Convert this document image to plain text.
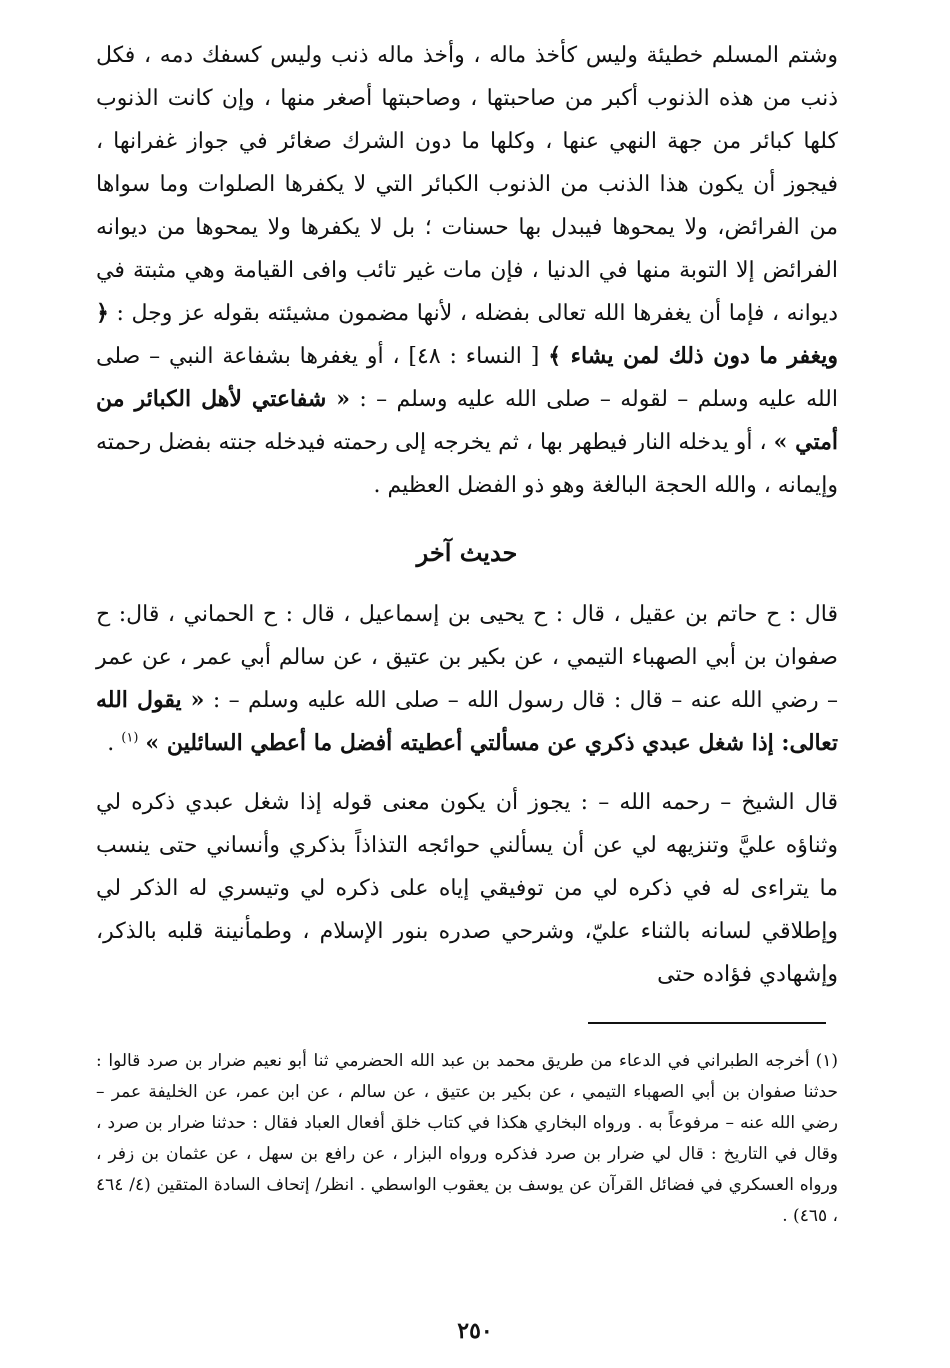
وشتم المسلم خطيئة وليس كأخذ ماله ، وأخذ ماله ذنب وليس كسفك دمه ، فكل ذنب من هذه الذنوب أكبر من صاحبتها ، وصاحبتها أصغر منها ، وإن كانت الذنوب كلها كبائر من جهة النهي عنها ، وكلها ما دون الشرك صغائر في جواز غفرانها ، فيجوز أن يكون هذا الذنب من الذنوب الكبائر التي لا يكفرها الصلوات وما سواها من الفرائض، ولا يمحوها فيبدل بها حسنات ؛ بل لا يكفرها ولا يمحوها من ديوانه الفرائض إلا التوبة منها في الدنيا ، فإن مات غير تائب وافى القيامة وهي مثبتة في ديوانه ، فإما أن يغفرها الله تعالى بفضله ، لأنها مضمون مشيئته بقوله عز وجل : ﴿ ويغفر ما دون ذلك لمن يشاء ﴾ [ النساء : ٤٨] ، أو يغفرها بشفاعة النبي – صلى الله عليه وسلم – لقوله – صلى الله عليه وسلم – : « شفاعتي لأهل الكبائر من أمتي » ، أو يدخله النار فيطهر بها ، ثم يخرجه إلى رحمته فيدخله جنته بفضل رحمته وإيمانه ، والله الحجة البالغة وهو ذو الفضل العظيم .

حديث آخر

قال : ح حاتم بن عقيل ، قال : ح يحيى بن إسماعيل ، قال : ح الحماني ، قال: ح صفوان بن أبي الصهباء التيمي ، عن بكير بن عتيق ، عن سالم أبي عمر ، عن عمر – رضي الله عنه – قال : قال رسول الله – صلى الله عليه وسلم – : « يقول الله تعالى: إذا شغل عبدي ذكري عن مسألتي أعطيته أفضل ما أعطي السائلين » $^{(١)}$ .

قال الشيخ – رحمه الله – : يجوز أن يكون معنى قوله إذا شغل عبدي ذكره لي وثناؤه عليَّ وتنزيهه لي عن أن يسألني حوائجه التذاذاً بذكري وأنساني حتى ينسب ما يتراءى له في ذكره لي من توفيقي إياه على ذكره لي وتيسري له الذكر لي وإطلاقي لسانه بالثناء عليّ، وشرحي صدره بنور الإسلام ، وطمأنينة قلبه بالذكر، وإشهادي فؤاده حتى

(١)أخرجه الطبراني في الدعاء من طريق محمد بن عبد الله الحضرمي ثنا أبو نعيم ضرار بن صرد قالوا : حدثنا صفوان بن أبي الصهباء التيمي ، عن بكير بن عتيق ، عن سالم ، عن ابن عمر، عن الخليفة عمر – رضي الله عنه – مرفوعاً به . ورواه البخاري هكذا في كتاب خلق أفعال العباد فقال : حدثنا ضرار بن صرد ، وقال في التاريخ : قال لي ضرار بن صرد فذكره ورواه البزار ، عن رافع بن سهل ، عن عثمان بن زفر ، ورواه العسكري في فضائل القرآن عن يوسف بن يعقوب الواسطي . انظر/ إتحاف السادة المتقين (٤/ ٤٦٤ ، ٤٦٥) .
٢٥٠
